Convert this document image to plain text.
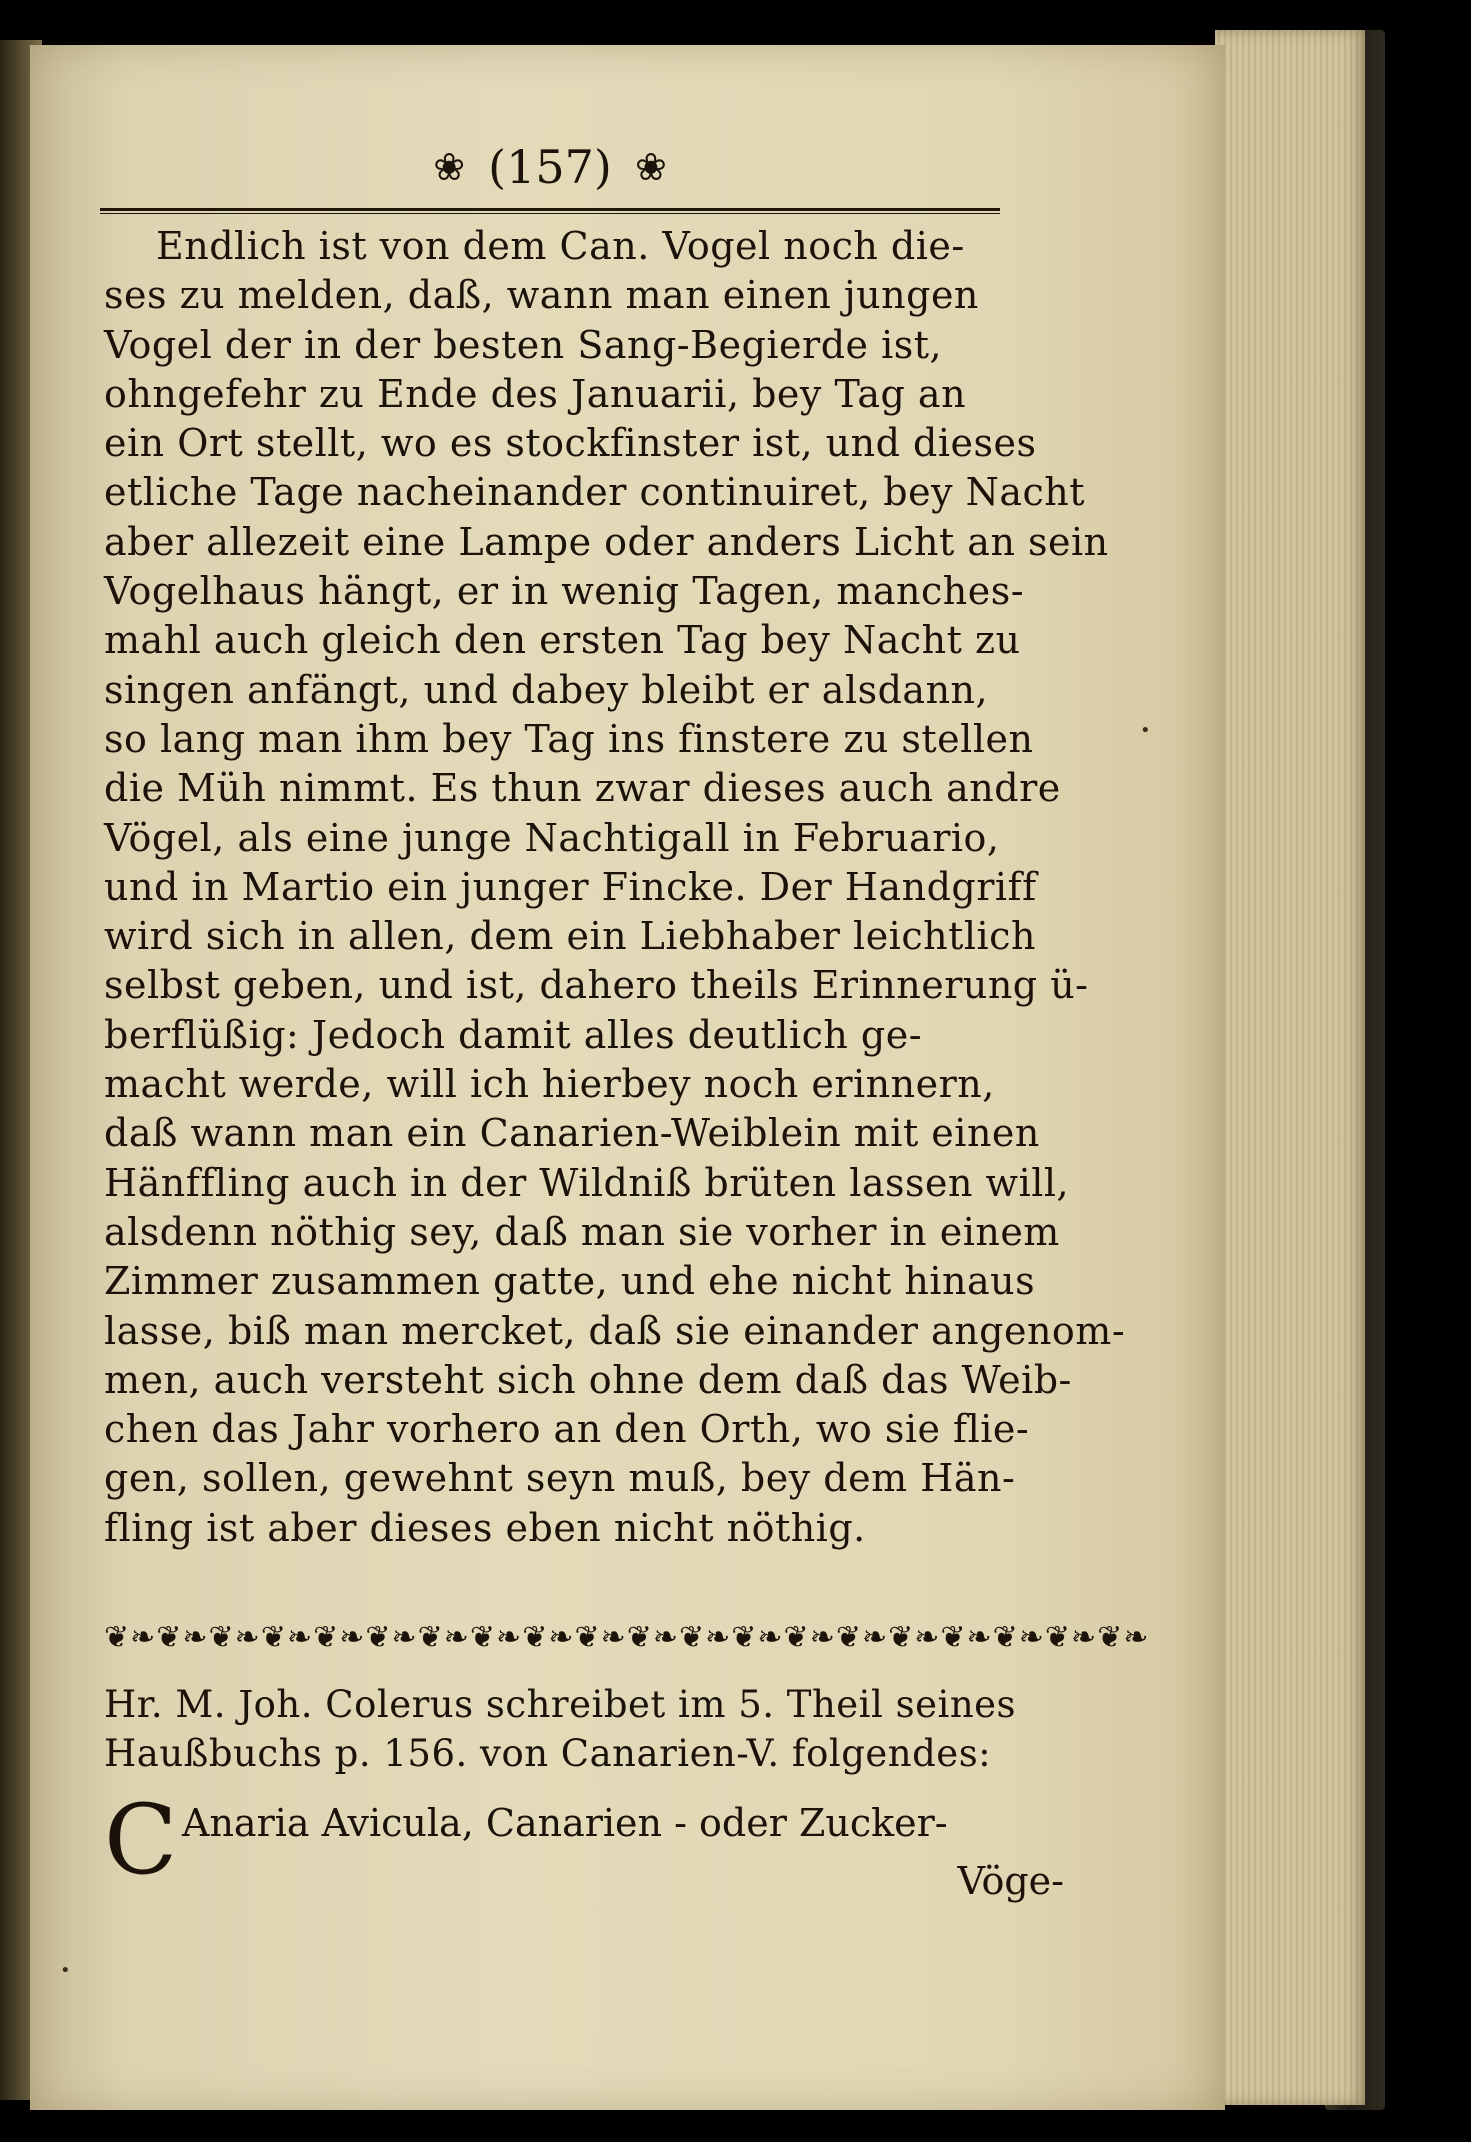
❀ (157) ❀
Endlich ist von dem Can. Vogel noch die-
ses zu melden, daß, wann man einen jungen
Vogel der in der besten Sang-Begierde ist,
ohngefehr zu Ende des Januarii, bey Tag an
ein Ort stellt, wo es stockfinster ist, und dieses
etliche Tage nacheinander continuiret, bey Nacht
aber allezeit eine Lampe oder anders Licht an sein
Vogelhaus hängt, er in wenig Tagen, manches-
mahl auch gleich den ersten Tag bey Nacht zu
singen anfängt, und dabey bleibt er alsdann,
so lang man ihm bey Tag ins finstere zu stellen
die Müh nimmt. Es thun zwar dieses auch andre
Vögel, als eine junge Nachtigall in Februario,
und in Martio ein junger Fincke. Der Handgriff
wird sich in allen, dem ein Liebhaber leichtlich
selbst geben, und ist, dahero theils Erinnerung ü-
berflüßig: Jedoch damit alles deutlich ge-
macht werde, will ich hierbey noch erinnern,
daß wann man ein Canarien-Weiblein mit einen
Hänffling auch in der Wildniß brüten lassen will,
alsdenn nöthig sey, daß man sie vorher in einem
Zimmer zusammen gatte, und ehe nicht hinaus
lasse, biß man mercket, daß sie einander angenom-
men, auch versteht sich ohne dem daß das Weib-
chen das Jahr vorhero an den Orth, wo sie flie-
gen, sollen, gewehnt seyn muß, bey dem Hän-
fling ist aber dieses eben nicht nöthig.
❦❧❦❧❦❧❦❧❦❧❦❧❦❧❦❧❦❧❦❧❦❧❦❧❦❧❦❧❦❧❦❧❦❧❦❧❦❧❦❧
Hr. M. Joh. Colerus schreibet im 5. Theil seines
Haußbuchs p. 156. von Canarien-V. folgendes:
C Anaria Avicula, Canarien - oder Zucker-
Vöge-
•
•
